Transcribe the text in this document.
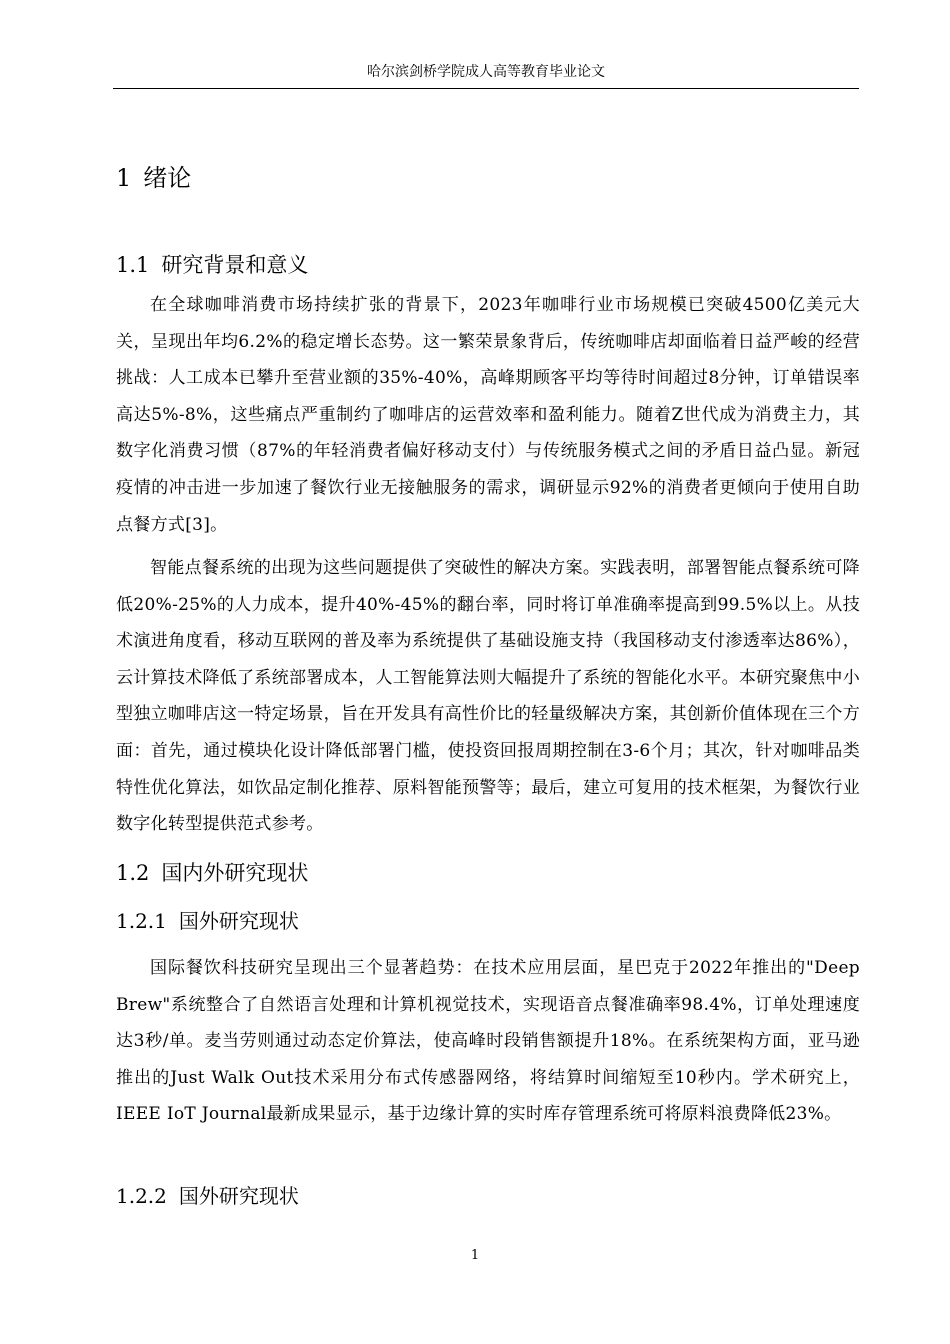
哈尔滨剑桥学院成人高等教育毕业论文
1 绪论
1.1 研究背景和意义

在全球咖啡消费市场持续扩张的背景下，2023年咖啡行业市场规模已突破4500亿美元大关，呈现出年均6.2%的稳定增长态势。这一繁荣景象背后，传统咖啡店却面临着日益严峻的经营挑战：人工成本已攀升至营业额的35%-40%，高峰期顾客平均等待时间超过8分钟，订单错误率高达5%-8%，这些痛点严重制约了咖啡店的运营效率和盈利能力。随着Z世代成为消费主力，其数字化消费习惯（87%的年轻消费者偏好移动支付）与传统服务模式之间的矛盾日益凸显。新冠疫情的冲击进一步加速了餐饮行业无接触服务的需求，调研显示92%的消费者更倾向于使用自助点餐方式[3]。

智能点餐系统的出现为这些问题提供了突破性的解决方案。实践表明，部署智能点餐系统可降低20%-25%的人力成本，提升40%-45%的翻台率，同时将订单准确率提高到99.5%以上。从技术演进角度看，移动互联网的普及率为系统提供了基础设施支持（我国移动支付渗透率达86%），云计算技术降低了系统部署成本，人工智能算法则大幅提升了系统的智能化水平。本研究聚焦中小型独立咖啡店这一特定场景，旨在开发具有高性价比的轻量级解决方案，其创新价值体现在三个方面：首先，通过模块化设计降低部署门槛，使投资回报周期控制在3-6个月；其次，针对咖啡品类特性优化算法，如饮品定制化推荐、原料智能预警等；最后，建立可复用的技术框架，为餐饮行业数字化转型提供范式参考。

1.2 国内外研究现状
1.2.1 国外研究现状

国际餐饮科技研究呈现出三个显著趋势：在技术应用层面，星巴克于2022年推出的"Deep Brew"系统整合了自然语言处理和计算机视觉技术，实现语音点餐准确率98.4%，订单处理速度达3秒/单。麦当劳则通过动态定价算法，使高峰时段销售额提升18%。在系统架构方面，亚马逊推出的Just Walk Out技术采用分布式传感器网络，将结算时间缩短至10秒内。学术研究上，IEEE IoT Journal最新成果显示，基于边缘计算的实时库存管理系统可将原料浪费降低23%。

1.2.2 国外研究现状
1
